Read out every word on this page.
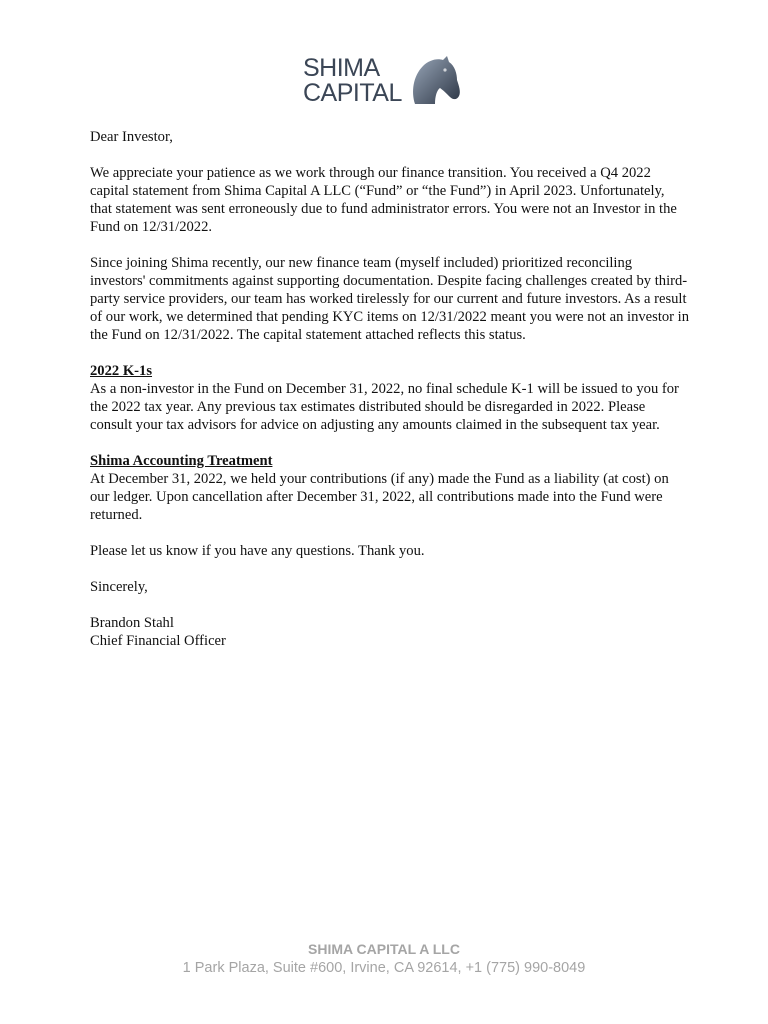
SHIMA
CAPITAL

Dear Investor,

We appreciate your patience as we work through our finance transition. You received a Q4 2022 capital statement from Shima Capital A LLC (“Fund” or “the Fund”) in April 2023. Unfortunately, that statement was sent erroneously due to fund administrator errors. You were not an Investor in the Fund on 12/31/2022.

Since joining Shima recently, our new finance team (myself included) prioritized reconciling investors' commitments against supporting documentation. Despite facing challenges created by third-party service providers, our team has worked tirelessly for our current and future investors. As a result of our work, we determined that pending KYC items on 12/31/2022 meant you were not an investor in the Fund on 12/31/2022. The capital statement attached reflects this status.

2022 K-1s
As a non-investor in the Fund on December 31, 2022, no final schedule K-1 will be issued to you for the 2022 tax year. Any previous tax estimates distributed should be disregarded in 2022. Please consult your tax advisors for advice on adjusting any amounts claimed in the subsequent tax year.

Shima Accounting Treatment
At December 31, 2022, we held your contributions (if any) made the Fund as a liability (at cost) on our ledger. Upon cancellation after December 31, 2022, all contributions made into the Fund were returned.

Please let us know if you have any questions. Thank you.

Sincerely,

Brandon Stahl

Chief Financial Officer

SHIMA CAPITAL A LLC
1 Park Plaza, Suite #600, Irvine, CA 92614, +1 (775) 990-8049
